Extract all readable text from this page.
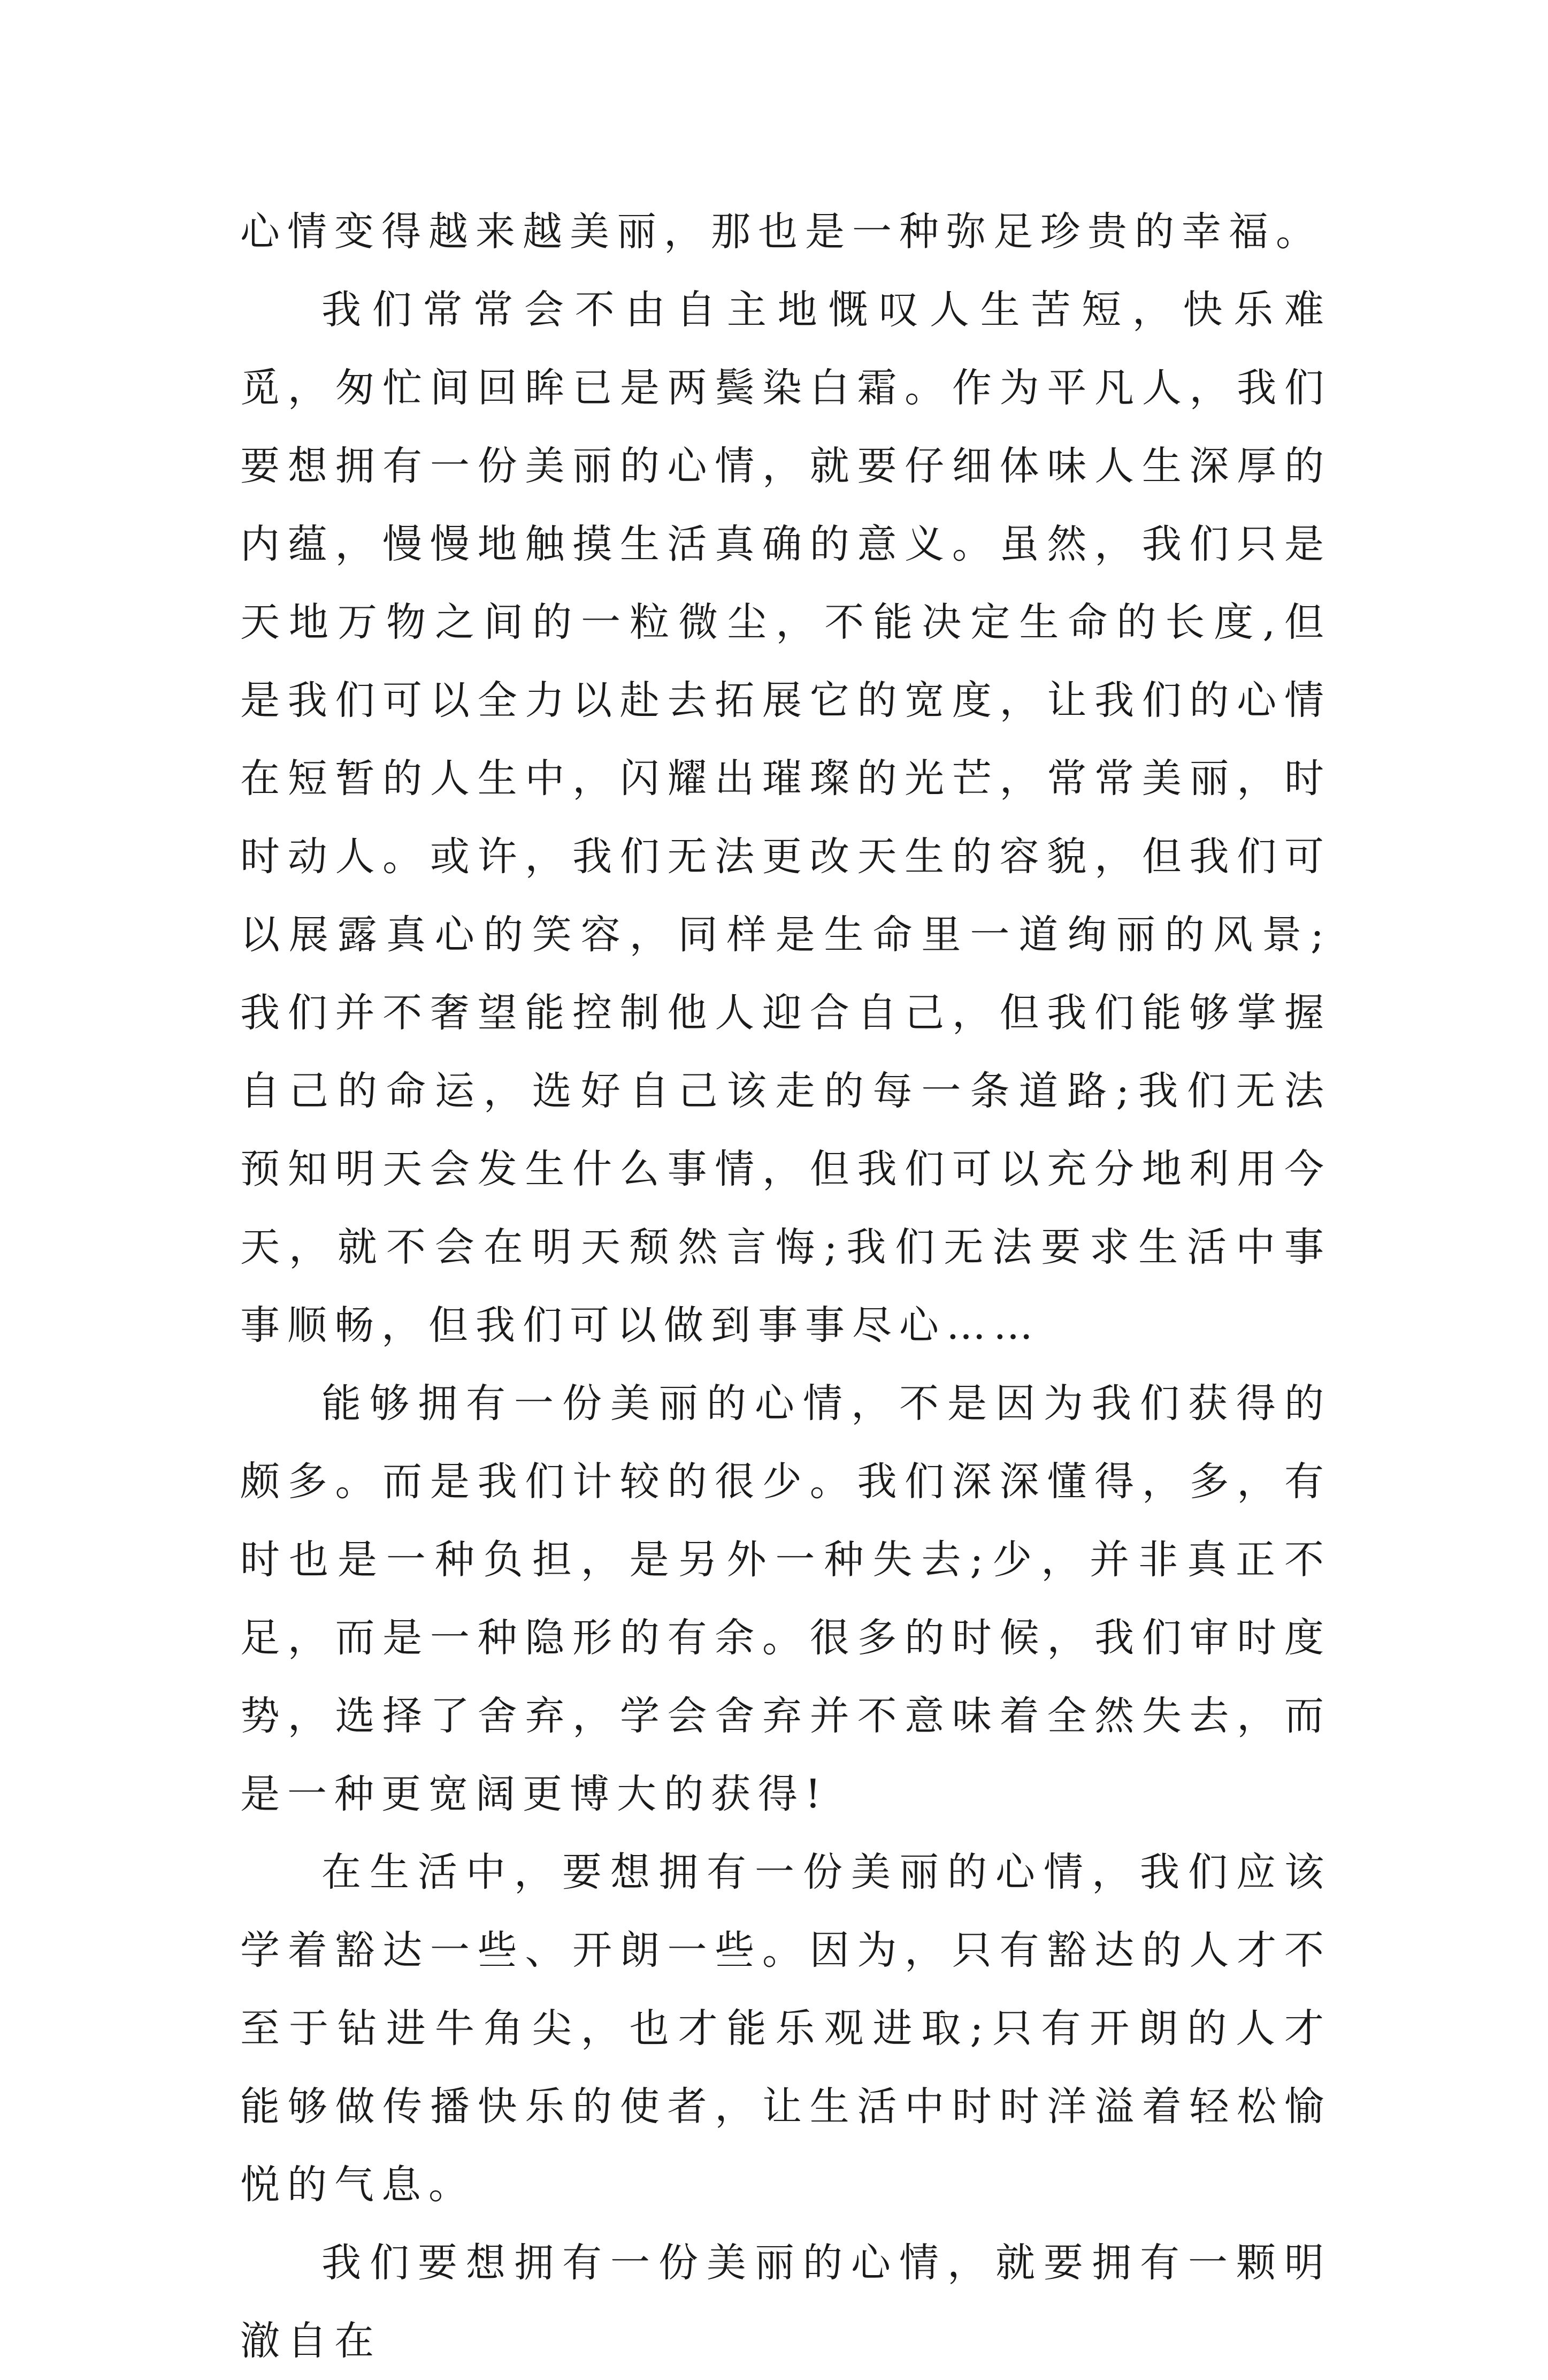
心情变得越来越美丽，那也是一种弥足珍贵的幸福。

我们常常会不由自主地慨叹人生苦短，快乐难觅，匆忙间回眸已是两鬓染白霜。作为平凡人，我们要想拥有一份美丽的心情，就要仔细体味人生深厚的内蕴，慢慢地触摸生活真确的意义。虽然，我们只是天地万物之间的一粒微尘，不能决定生命的长度,但是我们可以全力以赴去拓展它的宽度，让我们的心情在短暂的人生中，闪耀出璀璨的光芒，常常美丽，时时动人。或许，我们无法更改天生的容貌，但我们可以展露真心的笑容，同样是生命里一道绚丽的风景;我们并不奢望能控制他人迎合自己，但我们能够掌握自己的命运，选好自己该走的每一条道路;我们无法预知明天会发生什么事情，但我们可以充分地利用今天，就不会在明天颓然言悔;我们无法要求生活中事事顺畅，但我们可以做到事事尽心……

能够拥有一份美丽的心情，不是因为我们获得的颇多。而是我们计较的很少。我们深深懂得，多，有时也是一种负担，是另外一种失去;少，并非真正不足，而是一种隐形的有余。很多的时候，我们审时度势，选择了舍弃，学会舍弃并不意味着全然失去，而是一种更宽阔更博大的获得!

在生活中，要想拥有一份美丽的心情，我们应该学着豁达一些、开朗一些。因为，只有豁达的人才不至于钻进牛角尖，也才能乐观进取;只有开朗的人才能够做传播快乐的使者，让生活中时时洋溢着轻松愉悦的气息。

我们要想拥有一份美丽的心情，就要拥有一颗明澈自在
